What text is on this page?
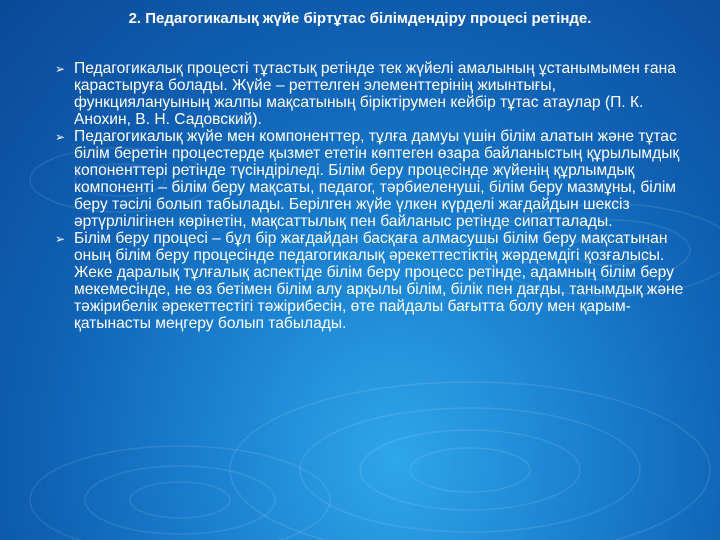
2. Педагогикалық жүйе біртұтас білімдендіру процесі ретінде.
➢ Педагогикалық процесті тұтастық ретінде тек жүйелі амалының ұстанымымен ғана қарастыруға болады. Жүйе – реттелген элементтерінің жиынтығы, функциялануының жалпы мақсатының біріктірумен кейбір тұтас атаулар (П. К. Анохин, В. Н. Садовский).
➢ Педагогикалық жүйе мен компоненттер, тұлға дамуы үшін білім алатын және тұтас білім беретін процестерде қызмет ететін көптеген өзара байланыстың құрылымдық копоненттері ретінде түсіндіріледі. Білім беру процесінде жүйенің құрлымдық компоненті – білім беру мақсаты, педагог, тәрбиеленуші, білім беру мазмұны, білім беру тәсілі болып табылады. Берілген жүйе үлкен күрделі жағдайдын шексіз әртүрлілігінен көрінетін, мақсаттылық пен байланыс ретінде сипатталады.
➢ Білім беру процесі – бұл бір жағдайдан басқаға алмасушы білім беру мақсатынан оның білім беру процесінде педагогикалық әрекеттестіктің жәрдемдігі қозғалысы. Жеке даралық тұлғалық аспектіде білім беру процесс ретінде, адамның білім беру мекемесінде, не өз бетімен білім алу арқылы білім, білік пен дағды, танымдық және тәжірибелік әрекеттестігі тәжірибесін, өте пайдалы бағытта болу мен қарым-қатынасты меңгеру болып табылады.
